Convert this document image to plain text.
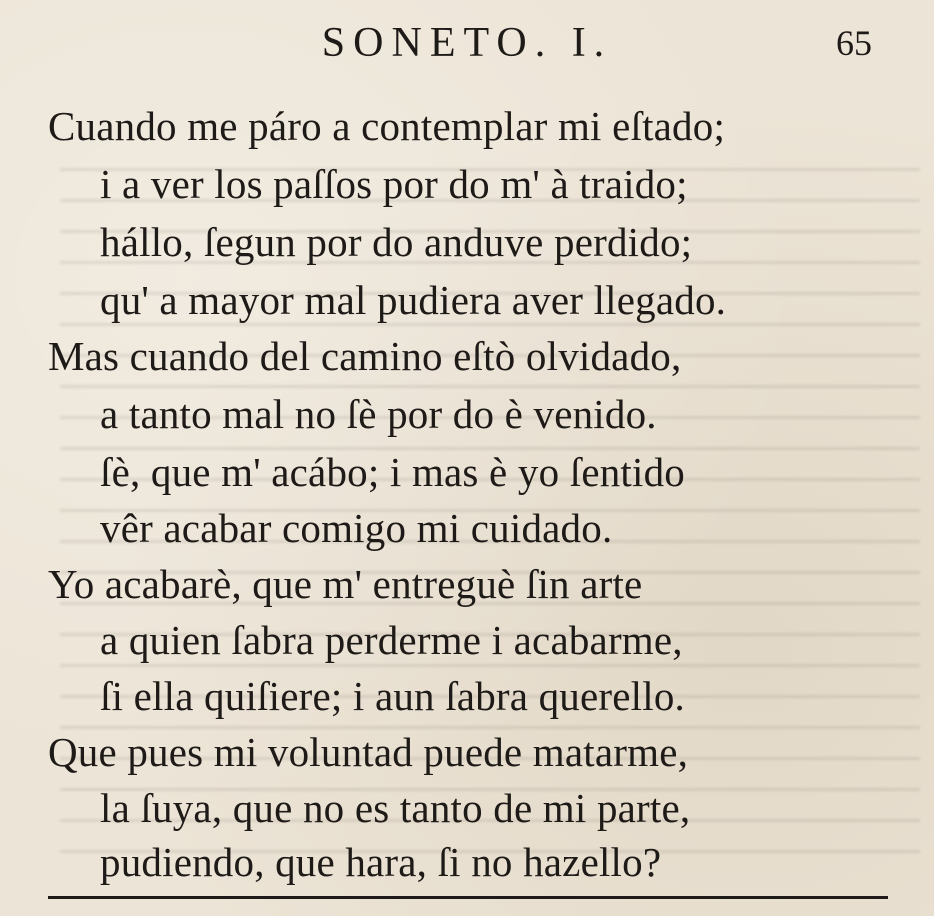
SONETO. I.	65
Cuando me páro a contemplar mi eſtado;
i a ver los paſſos por do m' à traido;
hállo, ſegun por do anduve perdido;
qu' a mayor mal pudiera aver llegado.
Mas cuando del camino eſtò olvidado,
a tanto mal no ſè por do è venido.
ſè, que m' acábo; i mas è yo ſentido
vêr acabar comigo mi cuidado.
Yo acabarè, que m' entreguè ſin arte
a quien ſabra perderme i acabarme,
ſi ella quiſiere; i aun ſabra querello.
Que pues mi voluntad puede matarme,
la ſuya, que no es tanto de mi parte,
pudiendo, que hara, ſi no hazello?
